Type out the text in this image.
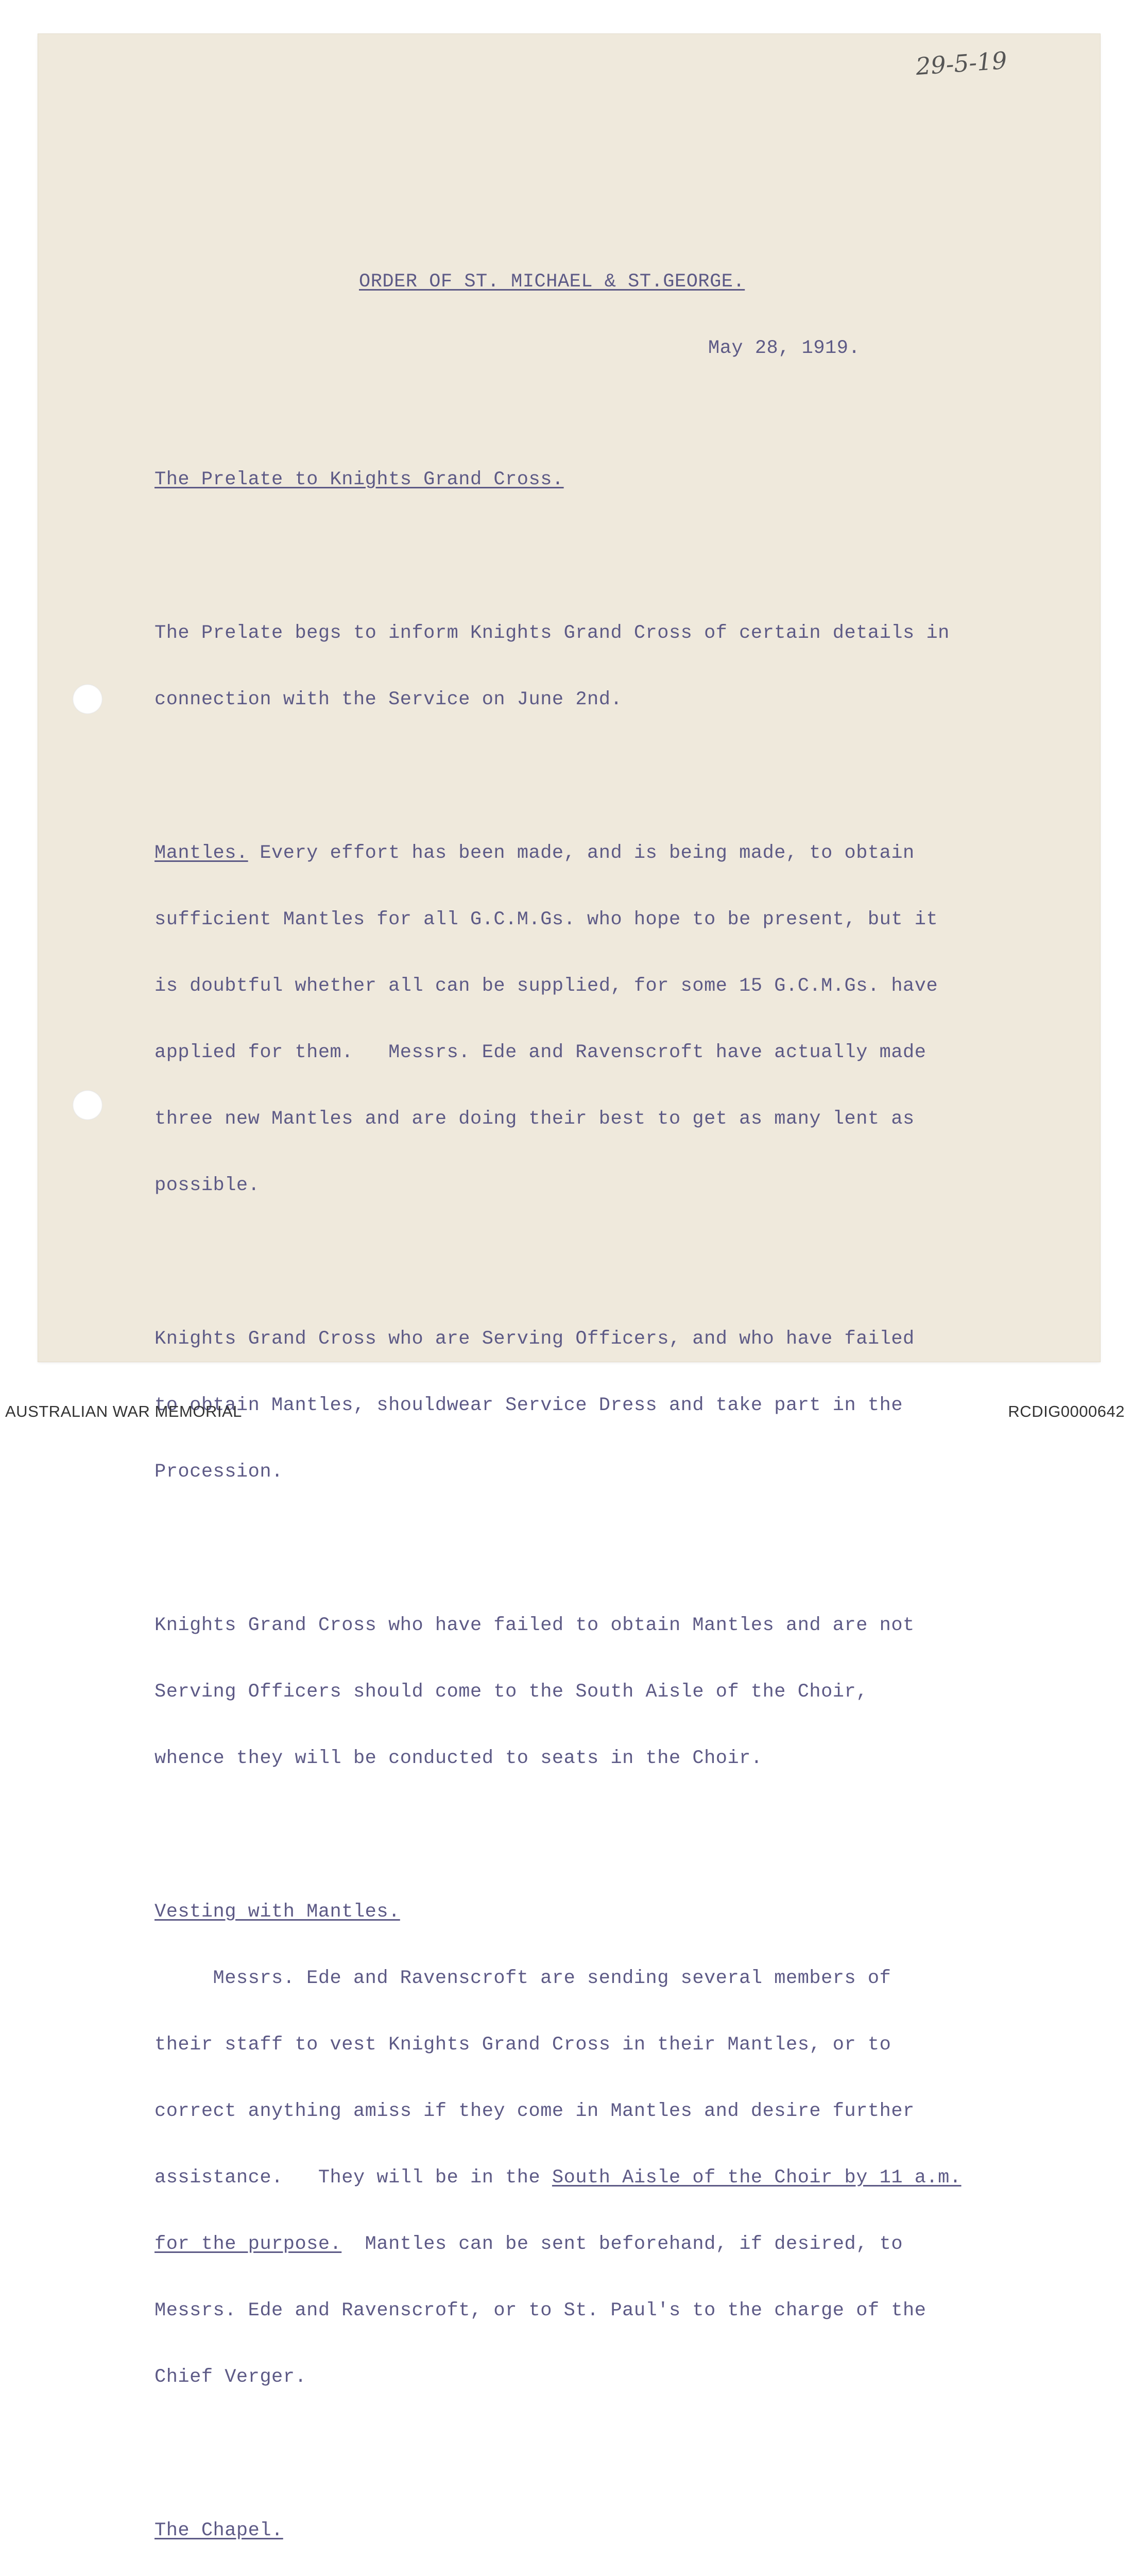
29-5-19

ORDER OF ST. MICHAEL & ST.GEORGE.

May 28, 1919.

The Prelate to Knights Grand Cross.

The Prelate begs to inform Knights Grand Cross of certain details in

connection with the Service on June 2nd.

Mantles. Every effort has been made, and is being made, to obtain

sufficient Mantles for all G.C.M.Gs. who hope to be present, but it

is doubtful whether all can be supplied, for some 15 G.C.M.Gs. have

applied for them.   Messrs. Ede and Ravenscroft have actually made

three new Mantles and are doing their best to get as many lent as

possible.

Knights Grand Cross who are Serving Officers, and who have failed

to obtain Mantles, shouldwear Service Dress and take part in the

Procession.

Knights Grand Cross who have failed to obtain Mantles and are not

Serving Officers should come to the South Aisle of the Choir,

whence they will be conducted to seats in the Choir.

Vesting with Mantles.

Messrs. Ede and Ravenscroft are sending several members of

their staff to vest Knights Grand Cross in their Mantles, or to

correct anything amiss if they come in Mantles and desire further

assistance.   They will be in the South Aisle of the Choir by 11 a.m.

for the purpose.  Mantles can be sent beforehand, if desired, to

Messrs. Ede and Ravenscroft, or to St. Paul's to the charge of the

Chief Verger.

The Chapel.

AUSTRALIAN WAR MEMORIAL	RCDIG0000642
